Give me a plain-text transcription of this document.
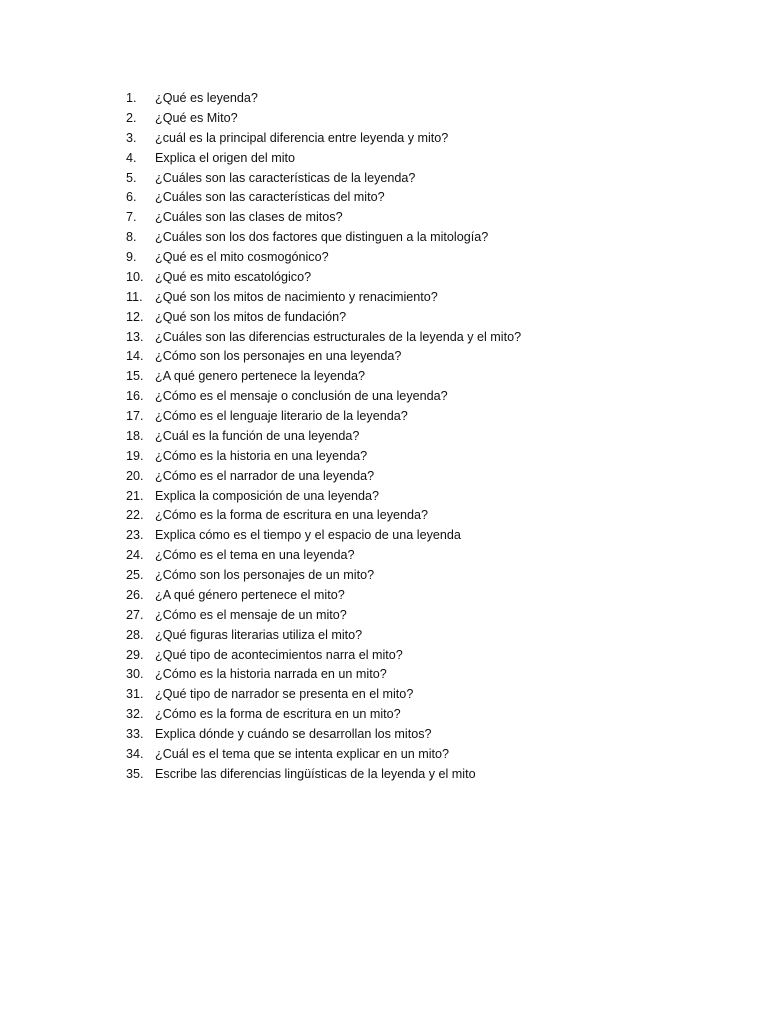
1.	¿Qué es leyenda?
2.	¿Qué es Mito?
3.	¿cuál es la principal diferencia entre leyenda y mito?
4.	Explica el origen del mito
5.	¿Cuáles son las características de la leyenda?
6.	¿Cuáles son las características del mito?
7.	¿Cuáles son las clases de mitos?
8.	¿Cuáles son los dos factores que distinguen a la mitología?
9.	¿Qué es el mito cosmogónico?
10. ¿Qué es mito escatológico?
11. ¿Qué son los mitos de nacimiento y renacimiento?
12. ¿Qué son los mitos de fundación?
13. ¿Cuáles son las diferencias estructurales de la leyenda y el mito?
14. ¿Cómo son los personajes en una leyenda?
15. ¿A qué genero pertenece la leyenda?
16. ¿Cómo es el mensaje o conclusión de una leyenda?
17. ¿Cómo es el lenguaje literario de la leyenda?
18. ¿Cuál es la función de una leyenda?
19. ¿Cómo es la historia en una leyenda?
20. ¿Cómo es el narrador de una leyenda?
21. Explica la composición de una leyenda?
22. ¿Cómo es la forma de escritura en una leyenda?
23. Explica cómo es el tiempo y el espacio de una leyenda
24. ¿Cómo es el tema en una leyenda?
25. ¿Cómo son los personajes de un mito?
26. ¿A qué género pertenece el mito?
27. ¿Cómo es el mensaje de un mito?
28. ¿Qué figuras literarias utiliza el mito?
29. ¿Qué tipo de acontecimientos narra el mito?
30. ¿Cómo es la historia narrada en un mito?
31. ¿Qué tipo de narrador se presenta en el mito?
32. ¿Cómo es la forma de escritura en un mito?
33. Explica dónde y cuándo se desarrollan los mitos?
34. ¿Cuál es el tema que se intenta explicar en un mito?
35. Escribe las diferencias lingüísticas de la leyenda y el mito
